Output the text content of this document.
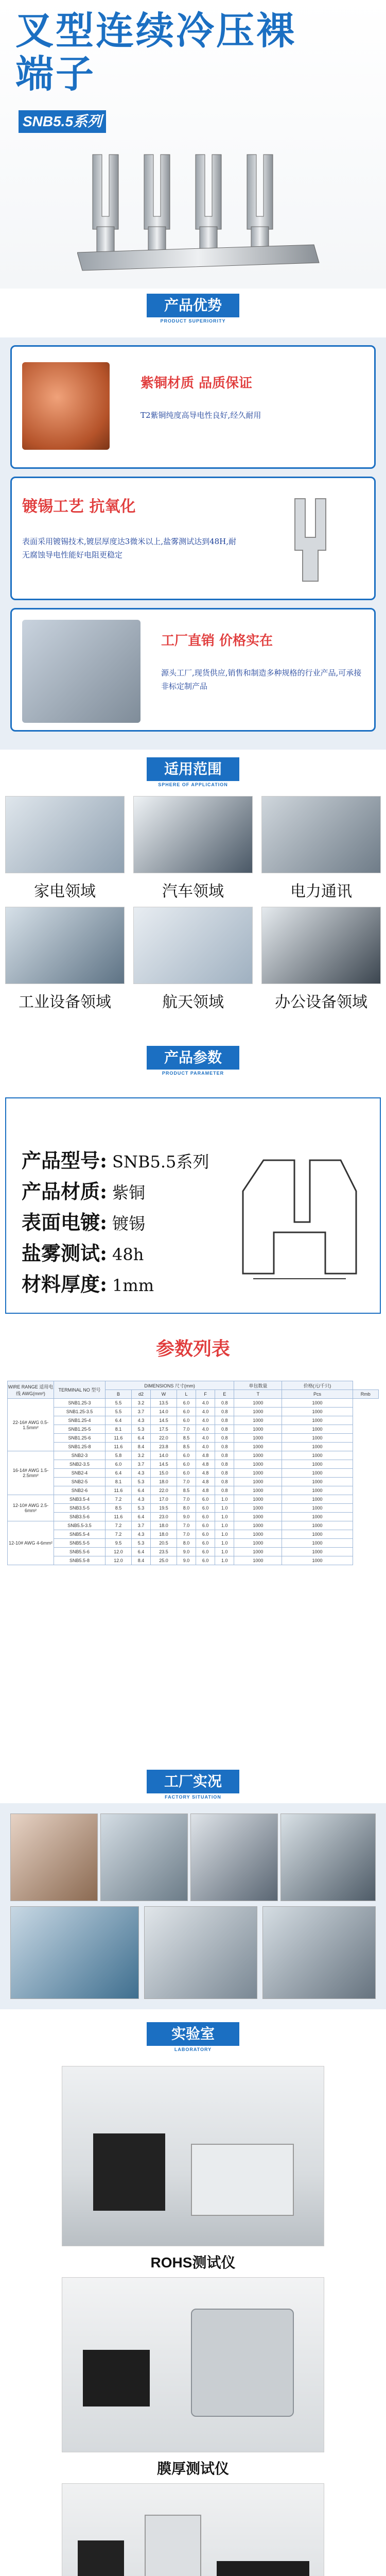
叉型连续冷压裸端子
SNB5.5系列
产品优势
PRODUCT SUPERIORITY
紫铜材质 品质保证
T2紫铜纯度高导电性良好,经久耐用
镀锡工艺 抗氧化
表面采用镀锡技术,镀层厚度达3微米以上,盐雾测试达到48H,耐无腐蚀导电性能好电阻更稳定
工厂直销 价格实在
源头工厂,现货供应,销售和制造多种规格的行业产品,可承接非标定制产品
适用范围
SPHERE OF APPLICATION
家电领域	汽车领域	电力通讯
工业设备领域	航天领域	办公设备领域
产品参数
PRODUCT PARAMETER
产品型号: SNB5.5系列
产品材质: 紫铜
表面电镀: 镀锡
盐雾测试: 48h
材料厚度: 1mm
参数列表
WIRE RANGE 适用电线 AWG(mm²)	TERMINAL NO 型号	DIMENSIONS 尺寸(mm)						单包数量	价格(元/千只)	
		B	d2	W	L	F	E	T	Pcs	Rmb
22-16# AWG 0.5-1.5mm²	SNB1.25-3	5.5	3.2	13.5	6.0	4.0	0.8	1000	1000	
	SNB1.25-3.5	5.5	3.7	14.0	6.0	4.0	0.8	1000	1000	
	SNB1.25-4	6.4	4.3	14.5	6.0	4.0	0.8	1000	1000	
	SNB1.25-5	8.1	5.3	17.5	7.0	4.0	0.8	1000	1000	
	SNB1.25-6	11.6	6.4	22.0	8.5	4.0	0.8	1000	1000	
	SNB1.25-8	11.6	8.4	23.8	8.5	4.0	0.8	1000	1000	
16-14# AWG 1.5-2.5mm²	SNB2-3	5.8	3.2	14.0	6.0	4.8	0.8	1000	1000	
	SNB2-3.5	6.0	3.7	14.5	6.0	4.8	0.8	1000	1000	
	SNB2-4	6.4	4.3	15.0	6.0	4.8	0.8	1000	1000	
	SNB2-5	8.1	5.3	18.0	7.0	4.8	0.8	1000	1000	
	SNB2-6	11.6	6.4	22.0	8.5	4.8	0.8	1000	1000	
12-10# AWG 2.5-6mm²	SNB3.5-4	7.2	4.3	17.0	7.0	6.0	1.0	1000	1000	
	SNB3.5-5	8.5	5.3	19.5	8.0	6.0	1.0	1000	1000	
	SNB3.5-6	11.6	6.4	23.0	9.0	6.0	1.0	1000	1000	
12-10# AWG 4-6mm²	SNB5.5-3.5	7.2	3.7	18.0	7.0	6.0	1.0	1000	1000	
	SNB5.5-4	7.2	4.3	18.0	7.0	6.0	1.0	1000	1000	
	SNB5.5-5	9.5	5.3	20.5	8.0	6.0	1.0	1000	1000	
	SNB5.5-6	12.0	6.4	23.5	9.0	6.0	1.0	1000	1000	
	SNB5.5-8	12.0	8.4	25.0	9.0	6.0	1.0	1000	1000	
工厂实况
FACTORY SITUATION
实验室
LABORATORY
ROHS测试仪
膜厚测试仪
